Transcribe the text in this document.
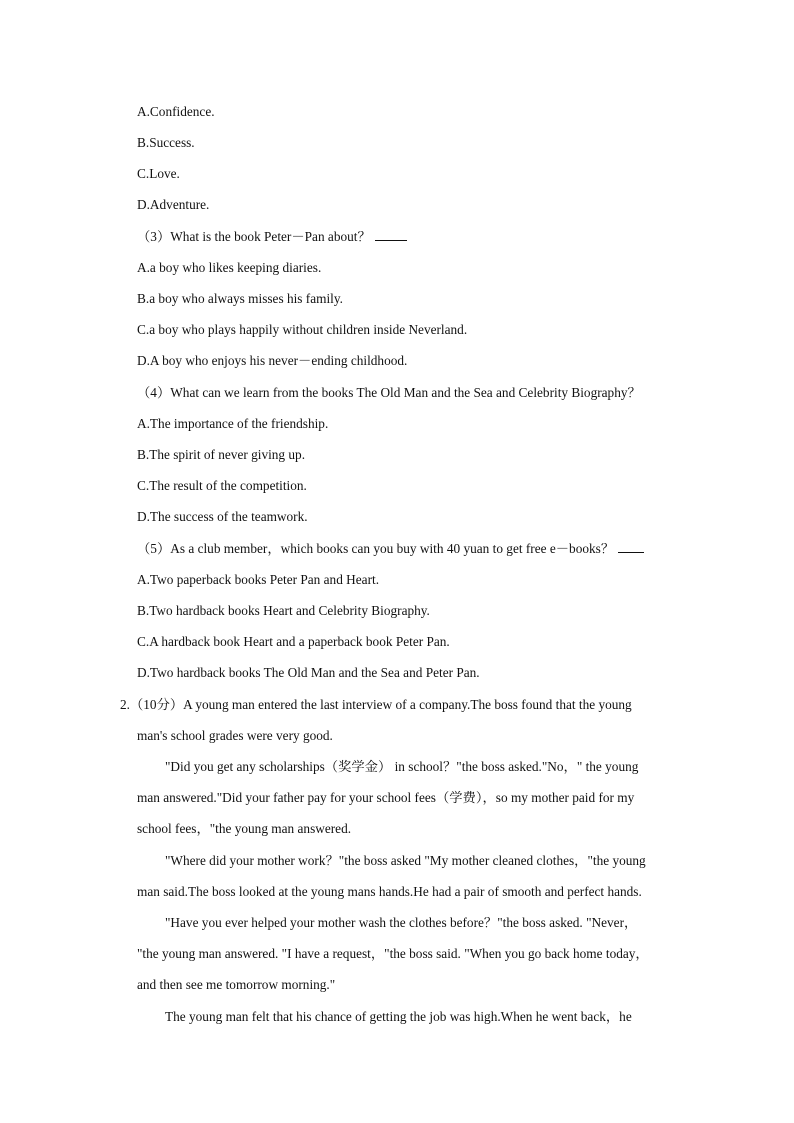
A.Confidence.
B.Success.
C.Love.
D.Adventure.
（3）What is the book Peter－Pan about？
A.a boy who likes keeping diaries.
B.a boy who always misses his family.
C.a boy who plays happily without children inside Neverland.
D.A boy who enjoys his never－ending childhood.
（4）What can we learn from the books The Old Man and the Sea and Celebrity Biography？
A.The importance of the friendship.
B.The spirit of never giving up.
C.The result of the competition.
D.The success of the teamwork.
（5）As a club member，which books can you buy with 40 yuan to get free e－books？
A.Two paperback books Peter Pan and Heart.
B.Two hardback books Heart and Celebrity Biography.
C.A hardback book Heart and a paperback book Peter Pan.
D.Two hardback books The Old Man and the Sea and Peter Pan.
2.（10分）A young man entered the last interview of a company.The boss found that the young
man's school grades were very good.
"Did you get any scholarships（奖学金） in school？"the boss asked."No，" the young
man answered."Did your father pay for your school fees（学费），so my mother paid for my
school fees，"the young man answered.
"Where did your mother work？"the boss asked "My mother cleaned clothes，"the young
man said.The boss looked at the young mans hands.He had a pair of smooth and perfect hands.
"Have you ever helped your mother wash the clothes before？"the boss asked. "Never，
"the young man answered. "I have a request，"the boss said. "When you go back home today，
and then see me tomorrow morning."
The young man felt that his chance of getting the job was high.When he went back，he
